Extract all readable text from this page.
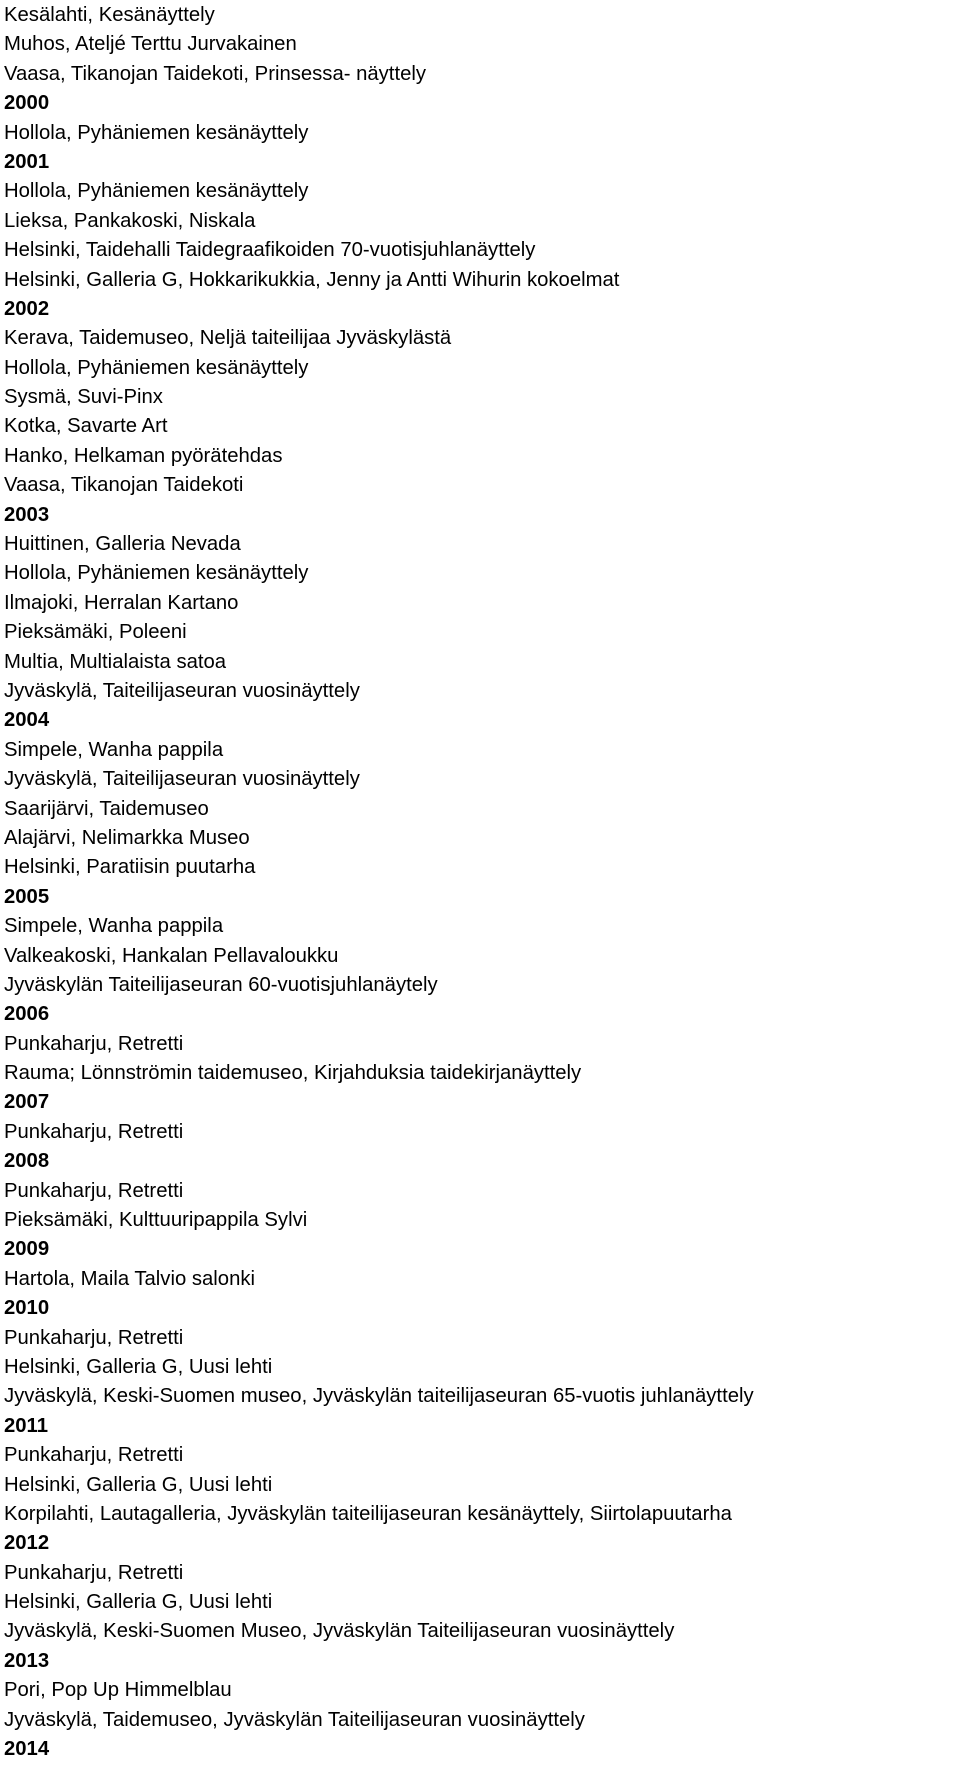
Kesälahti, Kesänäyttely
Muhos, Ateljé Terttu Jurvakainen
Vaasa, Tikanojan Taidekoti, Prinsessa- näyttely
2000
Hollola, Pyhäniemen kesänäyttely
2001
Hollola, Pyhäniemen kesänäyttely
Lieksa, Pankakoski, Niskala
Helsinki, Taidehalli Taidegraafikoiden 70-vuotisjuhlanäyttely
Helsinki, Galleria G, Hokkarikukkia, Jenny ja Antti Wihurin kokoelmat
2002
Kerava, Taidemuseo, Neljä taiteilijaa Jyväskylästä
Hollola, Pyhäniemen kesänäyttely
Sysmä, Suvi-Pinx
Kotka, Savarte Art
Hanko, Helkaman pyörätehdas
Vaasa, Tikanojan Taidekoti
2003
Huittinen, Galleria Nevada
Hollola, Pyhäniemen kesänäyttely
Ilmajoki, Herralan Kartano
Pieksämäki, Poleeni
Multia, Multialaista satoa
Jyväskylä, Taiteilijaseuran vuosinäyttely
2004
Simpele, Wanha pappila
Jyväskylä, Taiteilijaseuran vuosinäyttely
Saarijärvi, Taidemuseo
Alajärvi, Nelimarkka Museo
Helsinki, Paratiisin puutarha
2005
Simpele, Wanha pappila
Valkeakoski, Hankalan Pellavaloukku
Jyväskylän Taiteilijaseuran 60-vuotisjuhlanäytely
2006
Punkaharju, Retretti
Rauma; Lönnströmin taidemuseo, Kirjahduksia taidekirjanäyttely
2007
Punkaharju, Retretti
2008
Punkaharju, Retretti
Pieksämäki, Kulttuuripappila Sylvi
2009
Hartola, Maila Talvio salonki
2010
Punkaharju, Retretti
Helsinki, Galleria G, Uusi lehti
Jyväskylä, Keski-Suomen museo, Jyväskylän taiteilijaseuran 65-vuotis juhlanäyttely
2011
Punkaharju, Retretti
Helsinki, Galleria G, Uusi lehti
Korpilahti, Lautagalleria, Jyväskylän taiteilijaseuran kesänäyttely, Siirtolapuutarha
2012
Punkaharju, Retretti
Helsinki, Galleria G, Uusi lehti
Jyväskylä, Keski-Suomen Museo, Jyväskylän Taiteilijaseuran vuosinäyttely
2013
Pori, Pop Up Himmelblau
Jyväskylä, Taidemuseo, Jyväskylän Taiteilijaseuran vuosinäyttely
2014
